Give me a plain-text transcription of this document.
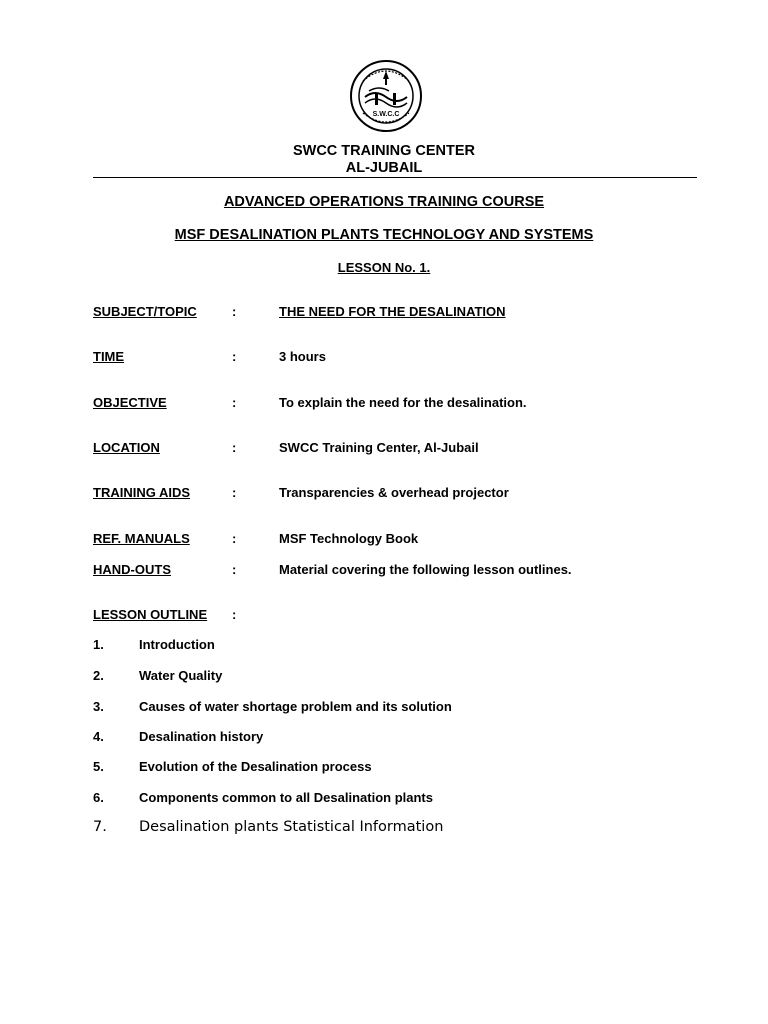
S.W.C.C
SWCC TRAINING CENTER
AL-JUBAIL
ADVANCED OPERATIONS TRAINING COURSE
MSF DESALINATION PLANTS TECHNOLOGY AND SYSTEMS
LESSON No. 1.
SUBJECT/TOPIC	:	THE NEED FOR THE DESALINATION
TIME	:	3 hours
OBJECTIVE	:	To explain the need for the desalination.
LOCATION	:	SWCC Training Center, Al-Jubail
TRAINING AIDS	:	Transparencies & overhead projector
REF. MANUALS	:	MSF Technology Book
HAND-OUTS	:	Material covering the following lesson outlines.
LESSON OUTLINE :
1.	Introduction
2.	Water Quality
3.	Causes of water shortage problem and its solution
4.	Desalination history
5.	Evolution of the Desalination process
6.	Components common to all Desalination plants
7. Desalination plants Statistical Information
